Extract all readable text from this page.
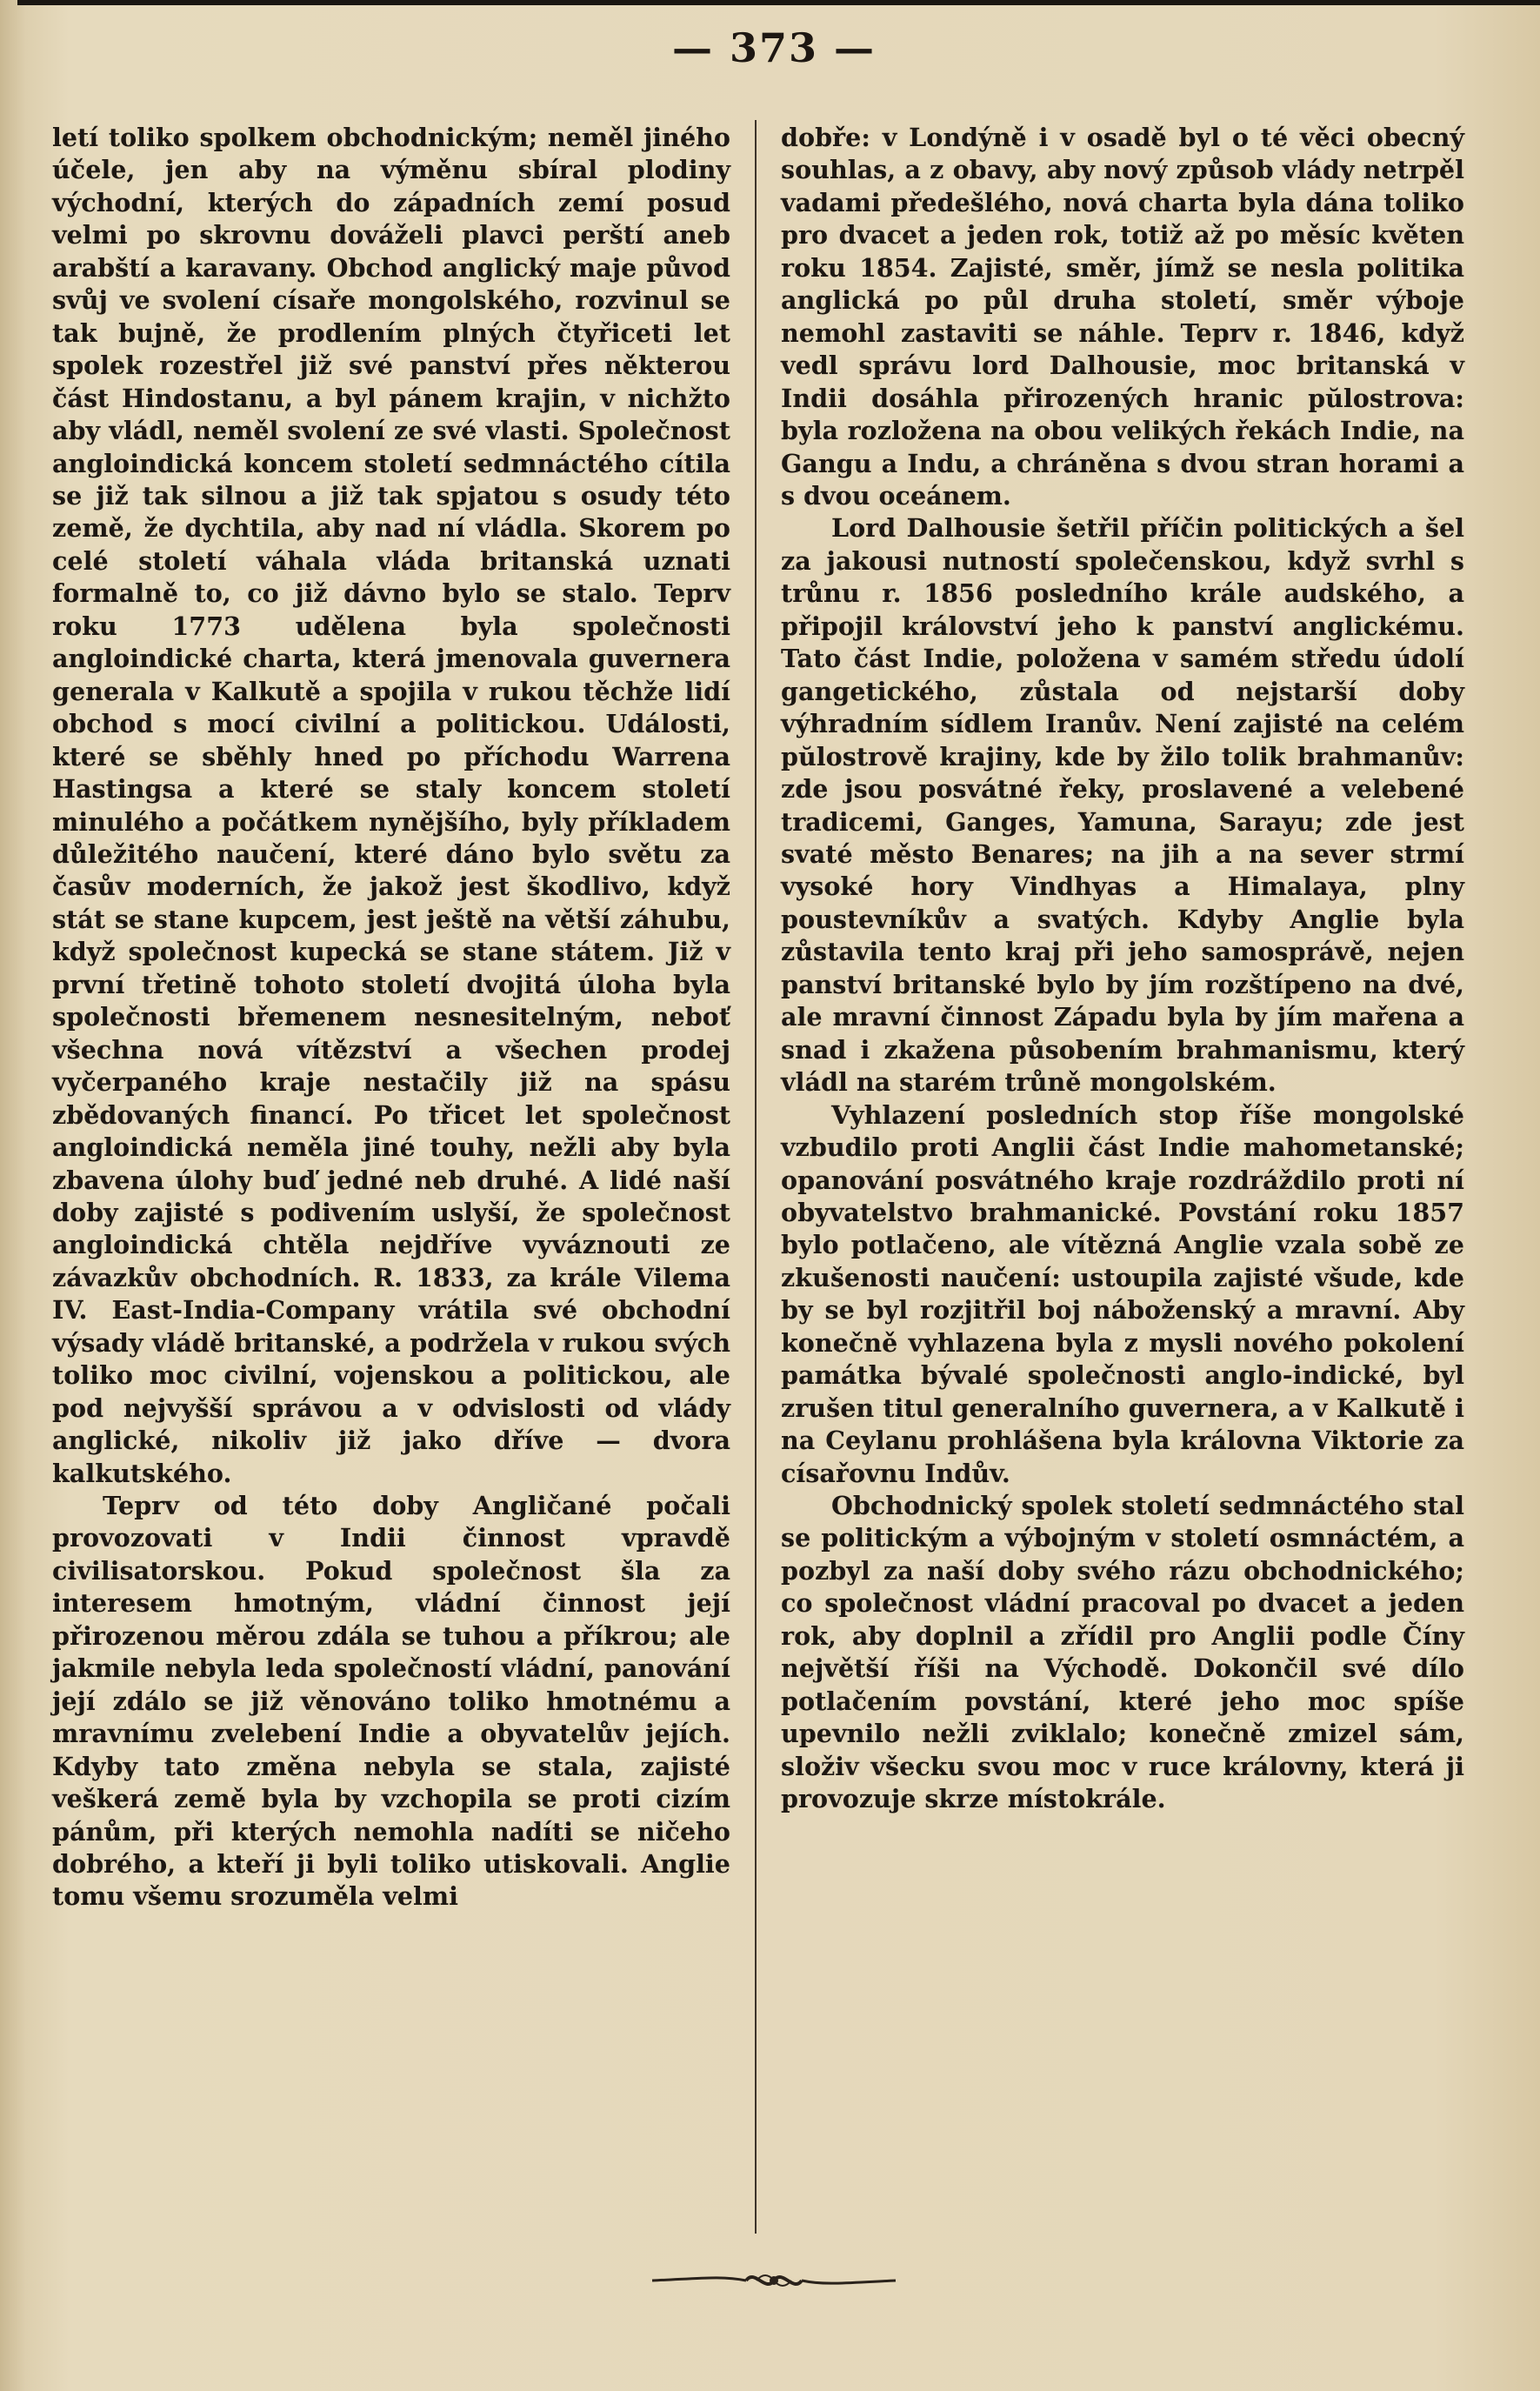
— 373 —

letí toliko spolkem obchodnickým; neměl jiného účele, jen aby na výměnu sbíral plodiny východní, kterých do západních zemí posud velmi po skrovnu dováželi plavci perští aneb arabští a karavany. Obchod anglický maje původ svůj ve svolení císaře mongolského, rozvinul se tak bujně, že prodlením plných čtyřiceti let spolek rozestřel již své panství přes některou část Hindostanu, a byl pánem krajin, v nichžto aby vládl, neměl svolení ze své vlasti. Společnost angloindická koncem století sedmnáctého cítila se již tak silnou a již tak spjatou s osudy této země, že dychtila, aby nad ní vládla. Skorem po celé století váhala vláda britanská uznati formalně to, co již dávno bylo se stalo. Teprv roku 1773 udělena byla společnosti angloindické charta, která jmenovala guvernera generala v Kalkutě a spojila v rukou těchže lidí obchod s mocí civilní a politickou. Události, které se sběhly hned po příchodu Warrena Hastingsa a které se staly koncem století minulého a počátkem nynějšího, byly příkladem důležitého naučení, které dáno bylo světu za časův moderních, že jakož jest škodlivo, když stát se stane kupcem, jest ještě na větší záhubu, když společnost kupecká se stane státem. Již v první třetině tohoto století dvojitá úloha byla společnosti břemenem nesnesitelným, neboť všechna nová vítězství a všechen prodej vyčerpaného kraje nestačily již na spásu zbědovaných financí. Po třicet let společnost angloindická neměla jiné touhy, nežli aby byla zbavena úlohy buď jedné neb druhé. A lidé naší doby zajisté s podivením uslyší, že společnost angloindická chtěla nejdříve vyváznouti ze závazkův obchodních. R. 1833, za krále Vilema IV. East-India-Company vrátila své obchodní výsady vládě britanské, a podržela v rukou svých toliko moc civilní, vojenskou a politickou, ale pod nejvyšší správou a v odvislosti od vlády anglické, nikoliv již jako dříve — dvora kalkutského.

Teprv od této doby Angličané počali provozovati v Indii činnost vpravdě civilisatorskou. Pokud společnost šla za interesem hmotným, vládní činnost její přirozenou měrou zdála se tuhou a příkrou; ale jakmile nebyla leda společností vládní, panování její zdálo se již věnováno toliko hmotnému a mravnímu zvelebení Indie a obyvatelův jejích. Kdyby tato změna nebyla se stala, zajisté veškerá země byla by vzchopila se proti cizím pánům, při kterých nemohla nadíti se ničeho dobrého, a kteří ji byli toliko utiskovali. Anglie tomu všemu srozuměla velmi

dobře: v Londýně i v osadě byl o té věci obecný souhlas, a z obavy, aby nový způsob vlády netrpěl vadami předešlého, nová charta byla dána toliko pro dvacet a jeden rok, totiž až po měsíc květen roku 1854. Zajisté, směr, jímž se nesla politika anglická po půl druha století, směr výboje nemohl zastaviti se náhle. Teprv r. 1846, když vedl správu lord Dalhousie, moc britanská v Indii dosáhla přirozených hranic pŭlostrova: byla rozložena na obou velikých řekách Indie, na Gangu a Indu, a chráněna s dvou stran horami a s dvou oceánem.

Lord Dalhousie šetřil příčin politických a šel za jakousi nutností společenskou, když svrhl s trůnu r. 1856 posledního krále audského, a připojil království jeho k panství anglickému. Tato část Indie, položena v samém středu údolí gangetického, zůstala od nejstarší doby výhradním sídlem Iranův. Není zajisté na celém pŭlostrově krajiny, kde by žilo tolik brahmanův: zde jsou posvátné řeky, proslavené a velebené tradicemi, Ganges, Yamuna, Sarayu; zde jest svaté město Benares; na jih a na sever strmí vysoké hory Vindhyas a Himalaya, plny poustevníkův a svatých. Kdyby Anglie byla zůstavila tento kraj při jeho samosprávě, nejen panství britanské bylo by jím rozštípeno na dvé, ale mravní činnost Západu byla by jím mařena a snad i zkažena působením brahmanismu, který vládl na starém trůně mongolském.

Vyhlazení posledních stop říše mongolské vzbudilo proti Anglii část Indie mahometanské; opanování posvátného kraje rozdráždilo proti ní obyvatelstvo brahmanické. Povstání roku 1857 bylo potlačeno, ale vítězná Anglie vzala sobě ze zkušenosti naučení: ustoupila zajisté všude, kde by se byl rozjitřil boj náboženský a mravní. Aby konečně vyhlazena byla z mysli nového pokolení památka bývalé společnosti anglo-indické, byl zrušen titul generalního guvernera, a v Kalkutě i na Ceylanu prohlášena byla královna Viktorie za císařovnu Indův.

Obchodnický spolek století sedmnáctého stal se politickým a výbojným v století osmnáctém, a pozbyl za naší doby svého rázu obchodnického; co společnost vládní pracoval po dvacet a jeden rok, aby doplnil a zřídil pro Anglii podle Číny největší říši na Východě. Dokončil své dílo potlačením povstání, které jeho moc spíše upevnilo nežli zviklalo; konečně zmizel sám, složiv všecku svou moc v ruce královny, která ji provozuje skrze místokrále.
